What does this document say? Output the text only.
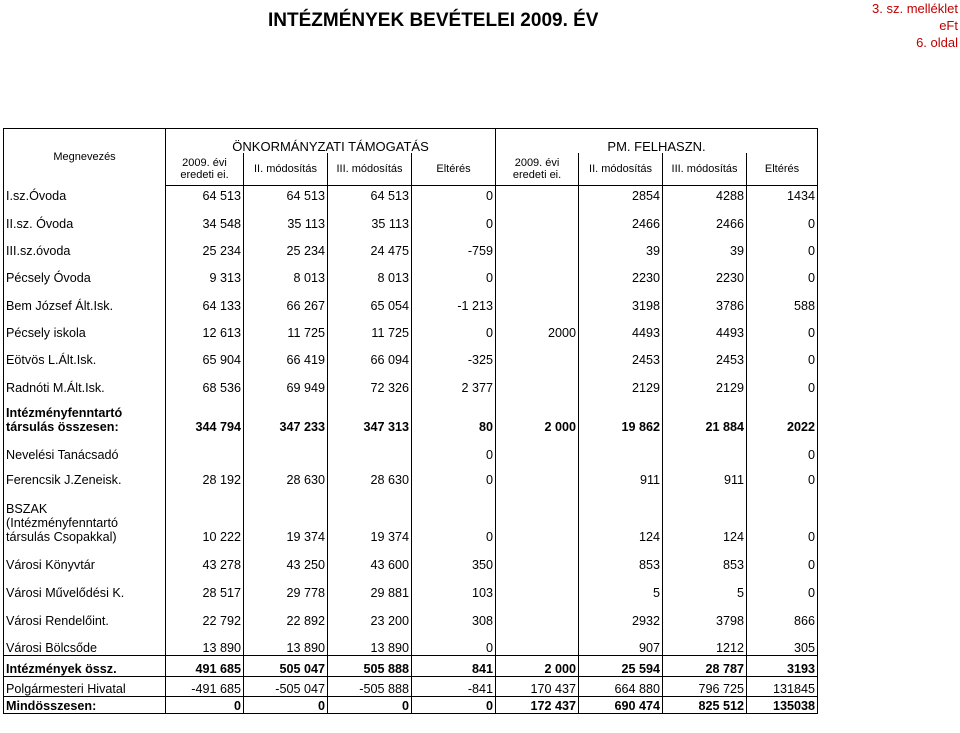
INTÉZMÉNYEK BEVÉTELEI 2009. ÉV
3. sz. melléklet
eFt
6. oldal
Megnevezés	ÖNKORMÁNYZATI TÁMOGATÁS				PM. FELHASZN.			
	2009. évi eredeti ei.	II. módosítás	III. módosítás	Eltérés	2009. évi eredeti ei.	II. módosítás	III. módosítás	Eltérés

I.sz.Óvoda	64 513	64 513	64 513	0		2854	4288	1434

II.sz. Óvoda	34 548	35 113	35 113	0		2466	2466	0

III.sz.óvoda	25 234	25 234	24 475	-759		39	39	0

Pécsely Óvoda	9 313	8 013	8 013	0		2230	2230	0

Bem József Ált.Isk.	64 133	66 267	65 054	-1 213		3198	3786	588

Pécsely iskola	12 613	11 725	11 725	0	2000	4493	4493	0

Eötvös L.Ált.Isk.	65 904	66 419	66 094	-325		2453	2453	0

Radnóti M.Ált.Isk.	68 536	69 949	72 326	2 377		2129	2129	0

Intézményfenntartó
társulás összesen:	344 794	347 233	347 313	80	2 000	19 862	21 884	2022

Nevelési Tanácsadó				0				0

Ferencsik J.Zeneisk.	28 192	28 630	28 630	0		911	911	0

BSZAK
(Intézményfenntartó
társulás Csopakkal)	10 222	19 374	19 374	0		124	124	0

Városi Könyvtár	43 278	43 250	43 600	350		853	853	0

Városi Művelődési K.	28 517	29 778	29 881	103		5	5	0

Városi Rendelőint.	22 792	22 892	23 200	308		2932	3798	866

Városi Bölcsőde	13 890	13 890	13 890	0		907	1212	305

Intézmények össz.	491 685	505 047	505 888	841	2 000	25 594	28 787	3193

Polgármesteri Hivatal	-491 685	-505 047	-505 888	-841	170 437	664 880	796 725	131845

Mindösszesen:	0	0	0	0	172 437	690 474	825 512	135038
